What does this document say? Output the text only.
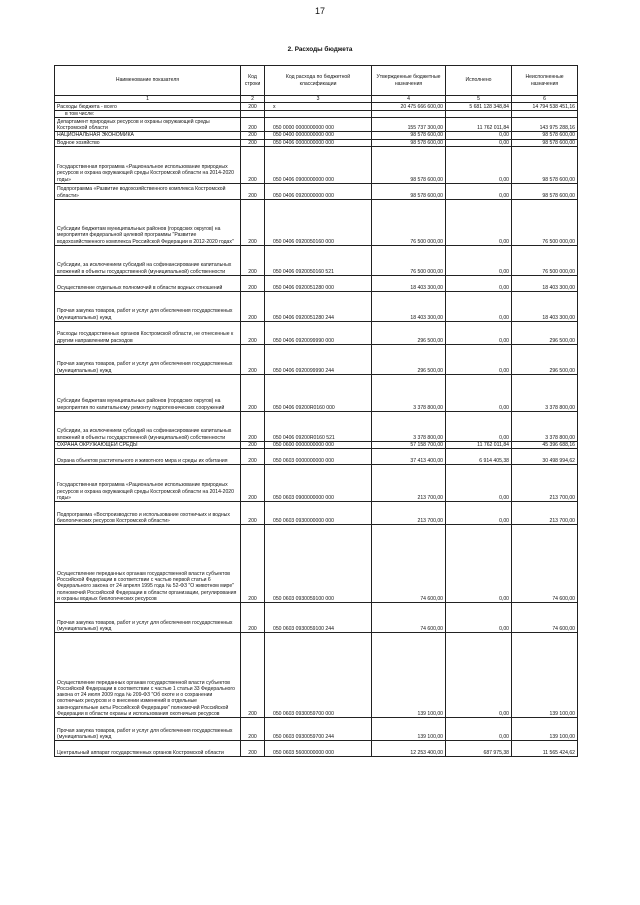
17
2. Расходы бюджета
Наименование показателя	Код строки	Код расхода по бюджетной классификации	Утвержденные бюджетные назначения	Исполнено	Неисполненные назначения
1	2	3	4	5	6
Расходы бюджета - всего	200	x	20 475 666 600,00	5 681 128 348,84	14 794 538 451,16
в том числе:					
Департамент природных ресурсов и охраны окружающей среды Костромской области	200	050 0000 0000000000 000	155 737 300,00	11 762 011,84	143 975 288,16
НАЦИОНАЛЬНАЯ ЭКОНОМИКА	200	050 0400 0000000000 000	98 578 600,00	0,00	98 578 600,00
Водное хозяйство	200	050 0406 0000000000 000	98 578 600,00	0,00	98 578 600,00
Государственная программа «Рациональное использование природных ресурсов и охрана окружающей среды Костромской области на 2014-2020 годы»	200	050 0406 0900000000 000	98 578 600,00	0,00	98 578 600,00
Подпрограмма «Развитие водохозяйственного комплекса Костромской области»	200	050 0406 0920000000 000	98 578 600,00	0,00	98 578 600,00
Субсидии бюджетам муниципальных районов (городских округов) на мероприятия федеральной целевой программы "Развитие водохозяйственного комплекса Российской Федерации в 2012-2020 годах"	200	050 0406 0920050160 000	76 500 000,00	0,00	76 500 000,00
Субсидии, за исключением субсидий на софинансирование капитальных вложений в объекты государственной (муниципальной) собственности	200	050 0406 0920050160 521	76 500 000,00	0,00	76 500 000,00
Осуществление отдельных полномочий в области водных отношений	200	050 0406 0920051280 000	18 403 300,00	0,00	18 403 300,00
Прочая закупка товаров, работ и услуг для обеспечения государственных (муниципальных) нужд	200	050 0406 0920051280 244	18 403 300,00	0,00	18 403 300,00
Расходы государственных органов Костромской области, не отнесенные к другим направлениям расходов	200	050 0406 0920099990 000	296 500,00	0,00	296 500,00
Прочая закупка товаров, работ и услуг для обеспечения государственных (муниципальных) нужд	200	050 0406 0920099990 244	296 500,00	0,00	296 500,00
Субсидии бюджетам муниципальных районов (городских округов) на мероприятия по капитальному ремонту гидротехнических сооружений	200	050 0406 09200R0160 000	3 378 800,00	0,00	3 378 800,00
Субсидии, за исключением субсидий на софинансирование капитальных вложений в объекты государственной (муниципальной) собственности	200	050 0406 09200R0160 521	3 378 800,00	0,00	3 378 800,00
ОХРАНА ОКРУЖАЮЩЕЙ СРЕДЫ	200	050 0600 0000000000 000	57 158 700,00	11 762 011,84	45 396 688,16
Охрана объектов растительного и животного мира и среды их обитания	200	050 0603 0000000000 000	37 413 400,00	6 914 405,38	30 498 994,62
Государственная программа «Рациональное использование природных ресурсов и охрана окружающей среды Костромской области на 2014-2020 годы»	200	050 0603 0900000000 000	213 700,00	0,00	213 700,00
Подпрограмма «Воспроизводство и использование охотничьих и водных биологических ресурсов Костромской области»	200	050 0603 0930000000 000	213 700,00	0,00	213 700,00
Осуществление переданных органам государственной власти субъектов Российской Федерации в соответствии с частью первой статьи 6 Федерального закона от 24 апреля 1995 года № 52-ФЗ "О животном мире" полномочий Российской Федерации в области организации, регулирования и охраны водных биологических ресурсов	200	050 0603 0930059100 000	74 600,00	0,00	74 600,00
Прочая закупка товаров, работ и услуг для обеспечения государственных (муниципальных) нужд	200	050 0603 0930059100 244	74 600,00	0,00	74 600,00
Осуществление переданных органам государственной власти субъектов Российской Федерации в соответствии с частью 1 статьи 33 Федерального закона от 24 июля 2009 года № 209-ФЗ "Об охоте и о сохранении охотничьих ресурсов и о внесении изменений в отдельные законодательные акты Российской Федерации" полномочий Российской Федерации в области охраны и использования охотничьих ресурсов	200	050 0603 0930059700 000	139 100,00	0,00	139 100,00
Прочая закупка товаров, работ и услуг для обеспечения государственных (муниципальных) нужд	200	050 0603 0930059700 244	139 100,00	0,00	139 100,00
Центральный аппарат государственных органов Костромской области	200	050 0603 5600000000 000	12 253 400,00	687 975,38	11 565 424,62
